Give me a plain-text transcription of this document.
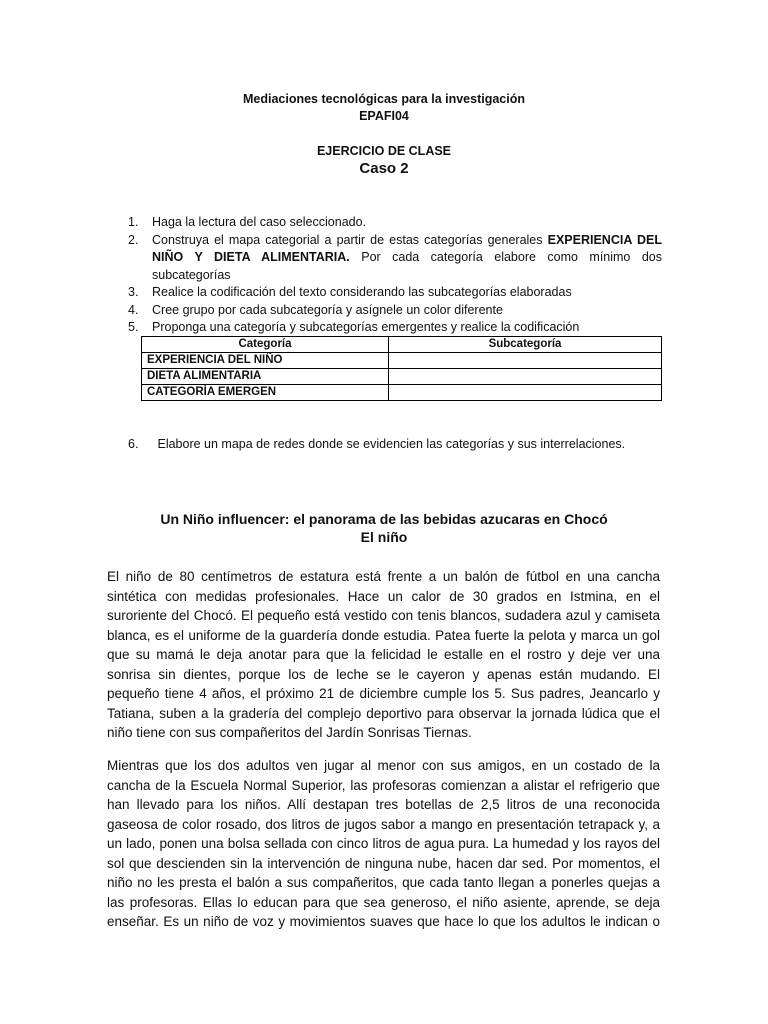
Mediaciones tecnológicas para la investigación
EPAFI04
EJERCICIO DE CLASE
Caso 2
1. Haga la lectura del caso seleccionado.
2. Construya el mapa categorial a partir de estas categorías generales EXPERIENCIA DEL NIÑO Y DIETA ALIMENTARIA. Por cada categoría elabore como mínimo dos subcategorías
3. Realice la codificación del texto considerando las subcategorías elaboradas
4. Cree grupo por cada subcategoría y asígnele un color diferente
5. Proponga una categoría y subcategorías emergentes y realice la codificación
Categoría	Subcategoría
EXPERIENCIA DEL NIÑO	
DIETA ALIMENTARIA	
CATEGORÍA EMERGEN	
6. Elabore un mapa de redes donde se evidencien las categorías y sus interrelaciones.
Un Niño influencer: el panorama de las bebidas azucaras en Chocó
El niño
El niño de 80 centímetros de estatura está frente a un balón de fútbol en una cancha
sintética con medidas profesionales. Hace un calor de 30 grados en Istmina, en el
suroriente del Chocó. El pequeño está vestido con tenis blancos, sudadera azul y camiseta
blanca, es el uniforme de la guardería donde estudia. Patea fuerte la pelota y marca un gol
que su mamá le deja anotar para que la felicidad le estalle en el rostro y deje ver una
sonrisa sin dientes, porque los de leche se le cayeron y apenas están mudando. El
pequeño tiene 4 años, el próximo 21 de diciembre cumple los 5. Sus padres, Jeancarlo y
Tatiana, suben a la gradería del complejo deportivo para observar la jornada lúdica que el
niño tiene con sus compañeritos del Jardín Sonrisas Tiernas.
Mientras que los dos adultos ven jugar al menor con sus amigos, en un costado de la
cancha de la Escuela Normal Superior, las profesoras comienzan a alistar el refrigerio que
han llevado para los niños. Allí destapan tres botellas de 2,5 litros de una reconocida
gaseosa de color rosado, dos litros de jugos sabor a mango en presentación tetrapack y, a
un lado, ponen una bolsa sellada con cinco litros de agua pura. La humedad y los rayos del
sol que descienden sin la intervención de ninguna nube, hacen dar sed. Por momentos, el
niño no les presta el balón a sus compañeritos, que cada tanto llegan a ponerles quejas a
las profesoras. Ellas lo educan para que sea generoso, el niño asiente, aprende, se deja
enseñar. Es un niño de voz y movimientos suaves que hace lo que los adultos le indican o
